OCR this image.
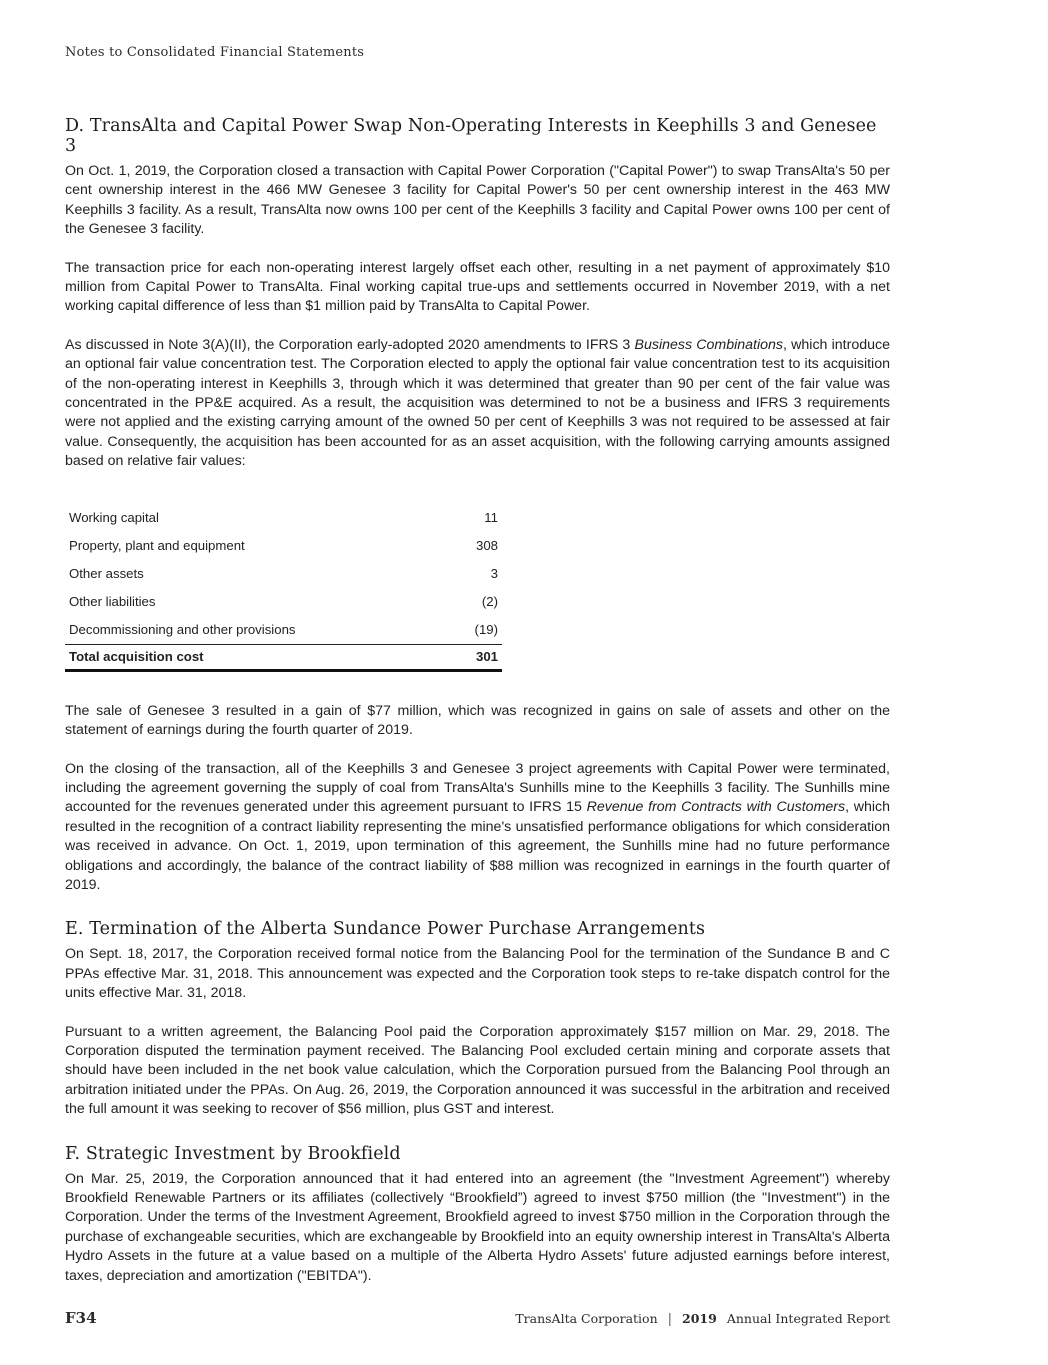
Notes to Consolidated Financial Statements
D. TransAlta and Capital Power Swap Non-Operating Interests in Keephills 3 and Genesee 3

On Oct. 1, 2019, the Corporation closed a transaction with Capital Power Corporation ("Capital Power") to swap TransAlta's 50 per cent ownership interest in the 466 MW Genesee 3 facility for Capital Power's 50 per cent ownership interest in the 463 MW Keephills 3 facility. As a result, TransAlta now owns 100 per cent of the Keephills 3 facility and Capital Power owns 100 per cent of the Genesee 3 facility.

The transaction price for each non-operating interest largely offset each other, resulting in a net payment of approximately $10 million from Capital Power to TransAlta. Final working capital true-ups and settlements occurred in November 2019, with a net working capital difference of less than $1 million paid by TransAlta to Capital Power.

As discussed in Note 3(A)(II), the Corporation early-adopted 2020 amendments to IFRS 3 Business Combinations, which introduce an optional fair value concentration test. The Corporation elected to apply the optional fair value concentration test to its acquisition of the non-operating interest in Keephills 3, through which it was determined that greater than 90 per cent of the fair value was concentrated in the PP&E acquired. As a result, the acquisition was determined to not be a business and IFRS 3 requirements were not applied and the existing carrying amount of the owned 50 per cent of Keephills 3 was not required to be assessed at fair value. Consequently, the acquisition has been accounted for as an asset acquisition, with the following carrying amounts assigned based on relative fair values:

Working capital	11
Property, plant and equipment	308
Other assets	3
Other liabilities	(2)
Decommissioning and other provisions	(19)
Total acquisition cost	301

The sale of Genesee 3 resulted in a gain of $77 million, which was recognized in gains on sale of assets and other on the statement of earnings during the fourth quarter of 2019.

On the closing of the transaction, all of the Keephills 3 and Genesee 3 project agreements with Capital Power were terminated, including the agreement governing the supply of coal from TransAlta's Sunhills mine to the Keephills 3 facility. The Sunhills mine accounted for the revenues generated under this agreement pursuant to IFRS 15 Revenue from Contracts with Customers, which resulted in the recognition of a contract liability representing the mine's unsatisfied performance obligations for which consideration was received in advance. On Oct. 1, 2019, upon termination of this agreement, the Sunhills mine had no future performance obligations and accordingly, the balance of the contract liability of $88 million was recognized in earnings in the fourth quarter of 2019.

E. Termination of the Alberta Sundance Power Purchase Arrangements

On Sept. 18, 2017, the Corporation received formal notice from the Balancing Pool for the termination of the Sundance B and C PPAs effective Mar. 31, 2018. This announcement was expected and the Corporation took steps to re-take dispatch control for the units effective Mar. 31, 2018.

Pursuant to a written agreement, the Balancing Pool paid the Corporation approximately $157 million on Mar. 29, 2018. The Corporation disputed the termination payment received. The Balancing Pool excluded certain mining and corporate assets that should have been included in the net book value calculation, which the Corporation pursued from the Balancing Pool through an arbitration initiated under the PPAs. On Aug. 26, 2019, the Corporation announced it was successful in the arbitration and received the full amount it was seeking to recover of $56 million, plus GST and interest.

F. Strategic Investment by Brookfield

On Mar. 25, 2019, the Corporation announced that it had entered into an agreement (the "Investment Agreement") whereby Brookfield Renewable Partners or its affiliates (collectively “Brookfield”) agreed to invest $750 million (the "Investment") in the Corporation. Under the terms of the Investment Agreement, Brookfield agreed to invest $750 million in the Corporation through the purchase of exchangeable securities, which are exchangeable by Brookfield into an equity ownership interest in TransAlta's Alberta Hydro Assets in the future at a value based on a multiple of the Alberta Hydro Assets' future adjusted earnings before interest, taxes, depreciation and amortization ("EBITDA").

F34	TransAlta Corporation | 2019 Annual Integrated Report
